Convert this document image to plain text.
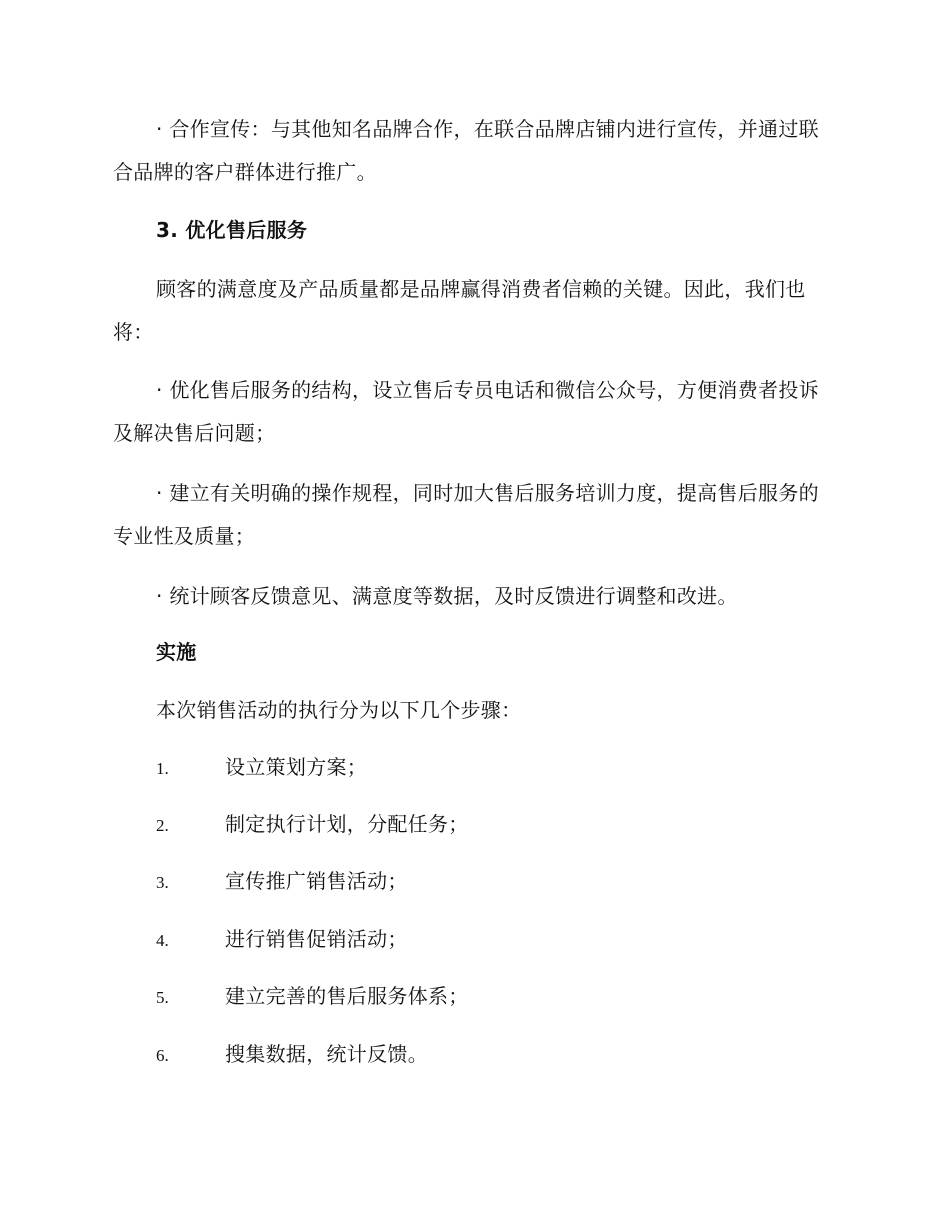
· 合作宣传：与其他知名品牌合作，在联合品牌店铺内进行宣传，并通过联合品牌的客户群体进行推广。

3. 优化售后服务

顾客的满意度及产品质量都是品牌赢得消费者信赖的关键。因此，我们也将：

· 优化售后服务的结构，设立售后专员电话和微信公众号，方便消费者投诉及解决售后问题；

· 建立有关明确的操作规程，同时加大售后服务培训力度，提高售后服务的专业性及质量；

· 统计顾客反馈意见、满意度等数据，及时反馈进行调整和改进。

实施

本次销售活动的执行分为以下几个步骤：

1.	设立策划方案；
2.	制定执行计划，分配任务；
3.	宣传推广销售活动；
4.	进行销售促销活动；
5.	建立完善的售后服务体系；
6.	搜集数据，统计反馈。
